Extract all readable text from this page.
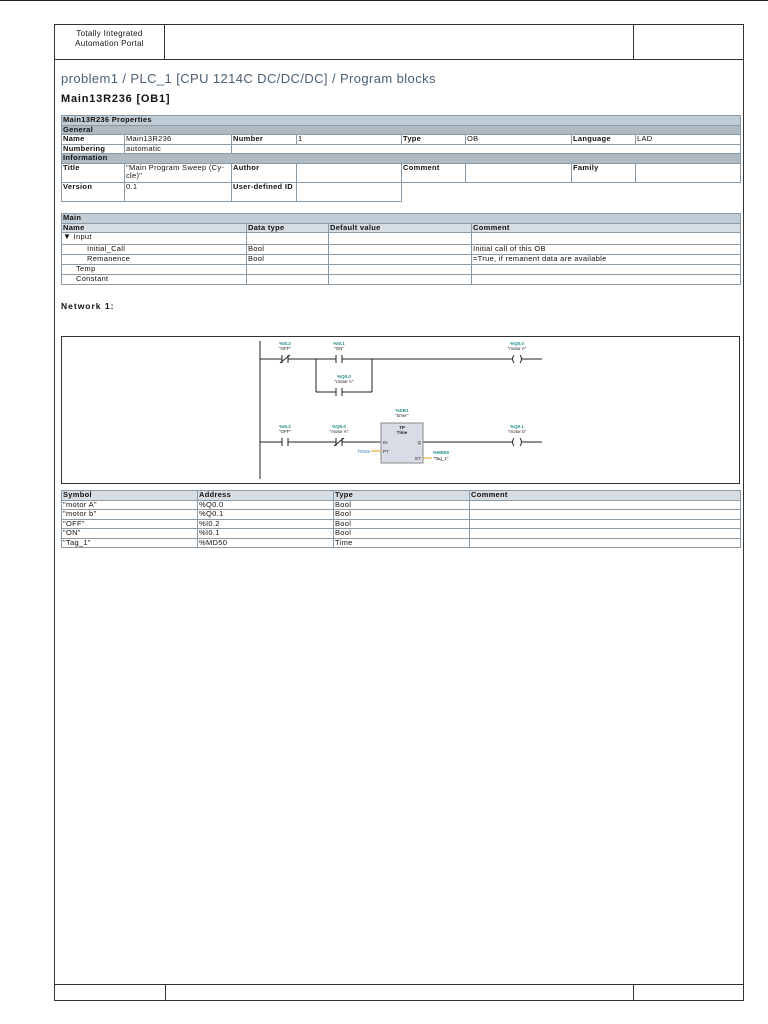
Totally Integrated
Automation Portal
problem1 / PLC_1 [CPU 1214C DC/DC/DC] / Program blocks
Main13R236 [OB1]
Main13R236 Properties							
General							
Name	Main13R236	Number	1	Type	OB	Language	LAD
Numbering	automatic						
Information							
Title	"Main Program Sweep (Cy-cle)"	Author		Comment		Family	
Version	0.1	User-defined ID					
Main			
Name	Data type	Default value	Comment
▼ Input			
Initial_Call	Bool		Initial call of this OB
Remanence	Bool		=True, if remanent data are available
Temp			
Constant			
Network 1:
%I0.2
"OFF"
%I0.1
"ON"
%Q0.0
"motor A"
%Q0.0
"motor A"
%I0.2
"OFF"
%Q0.0
"motor A"
%DB1
"timer"
TP
Time
IN	Q
PT
ET
T#10s	%MD50
"Tag_1"
%Q0.1
"motor b"
Symbol	Address	Type	Comment
"motor A"	%Q0.0	Bool	
"motor b"	%Q0.1	Bool	
"OFF"	%I0.2	Bool	
"ON"	%I0.1	Bool	
"Tag_1"	%MD50	Time	
